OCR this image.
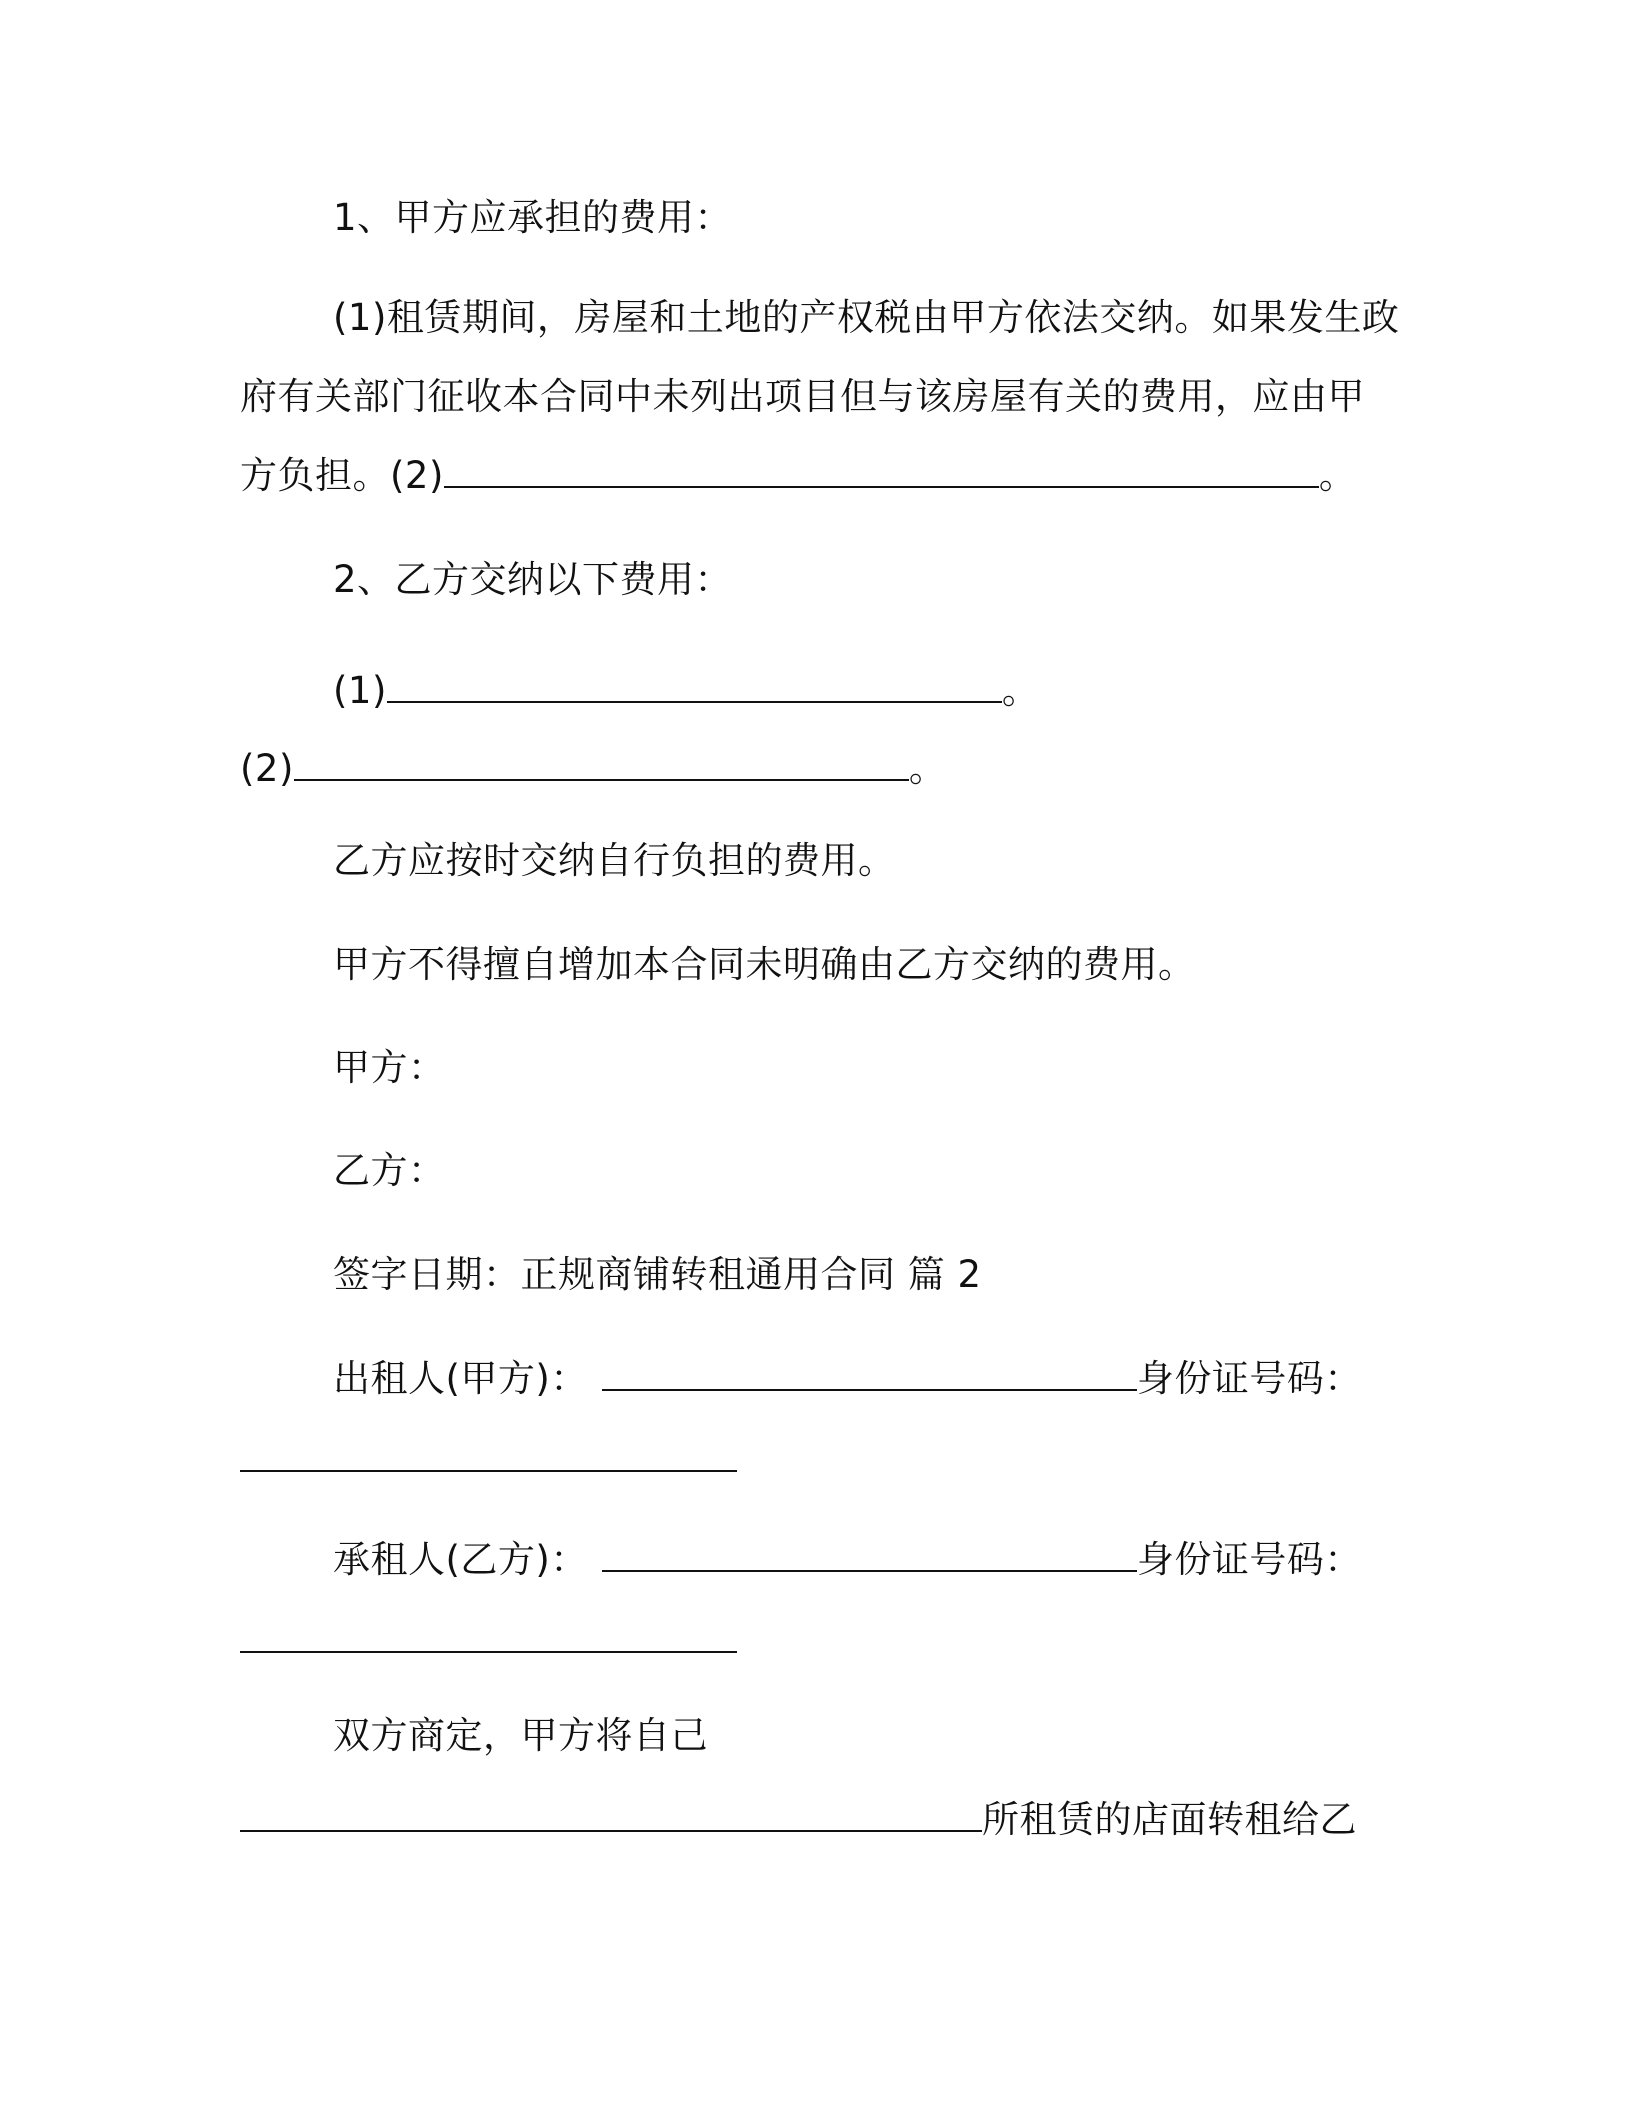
1、甲方应承担的费用：
(1)租赁期间，房屋和土地的产权税由甲方依法交纳。如果发生政
府有关部门征收本合同中未列出项目但与该房屋有关的费用，应由甲
方负担。(2)	。
2、乙方交纳以下费用：
(1)	。
(2)	。
乙方应按时交纳自行负担的费用。
甲方不得擅自增加本合同未明确由乙方交纳的费用。
甲方：
乙方：
签字日期：正规商铺转租通用合同 篇 2
出租人(甲方)：	身份证号码：
承租人(乙方)：	身份证号码：
双方商定，甲方将自己
所租赁的店面转租给乙
